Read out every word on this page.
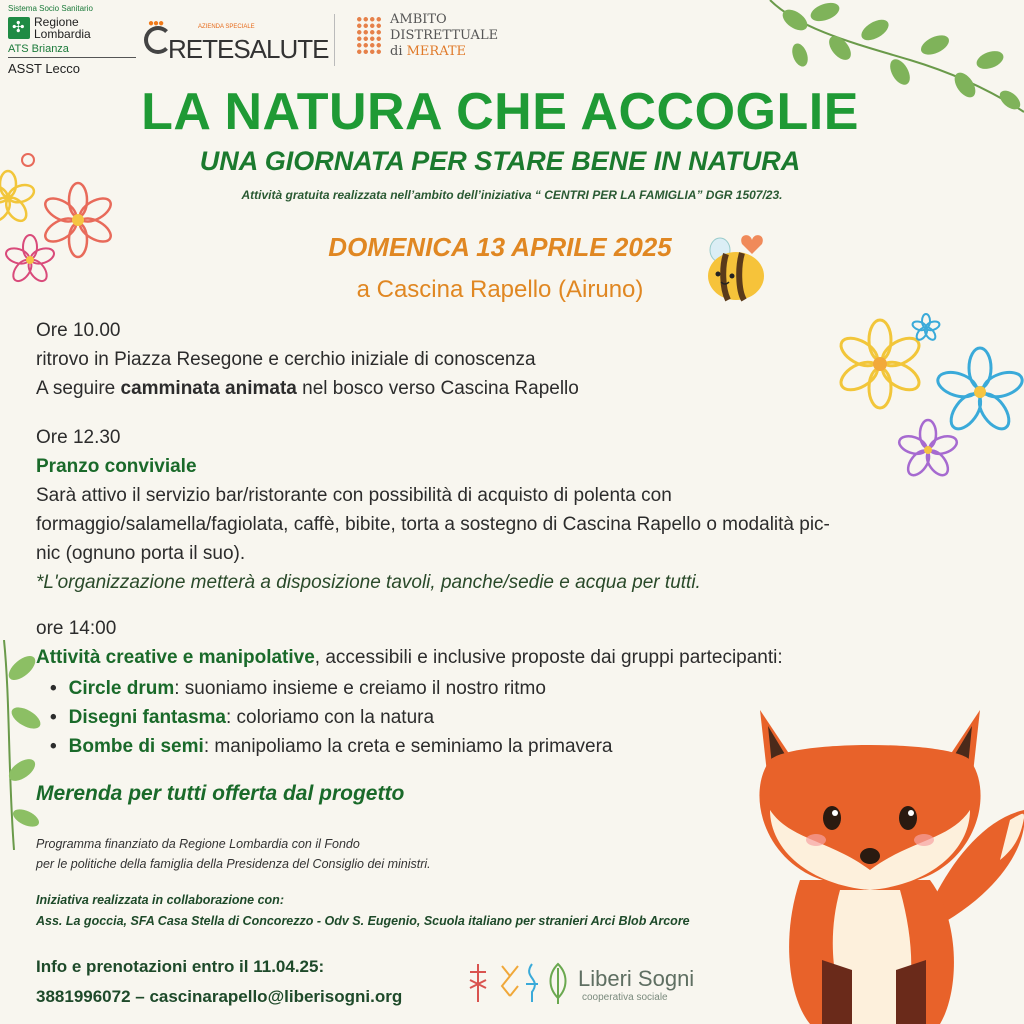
Sistema Socio Sanitario
✣
Regione
Lombardia
ATS Brianza
ASST Lecco
●●●	AZIENDA SPECIALE
RETESALUTE
AMBITO
DISTRETTUALE
di MERATE
LA NATURA CHE ACCOGLIE
UNA GIORNATA PER STARE BENE IN NATURA
Attività gratuita realizzata nell’ambito dell’iniziativa “ CENTRI PER LA FAMIGLIA” DGR 1507/23.
DOMENICA 13 APRILE 2025
a Cascina Rapello (Airuno)
Ore 10.00
ritrovo in Piazza Resegone e cerchio iniziale di conoscenza
A seguire camminata animata nel bosco verso Cascina Rapello
Ore 12.30
Pranzo conviviale
Sarà attivo il servizio bar/ristorante con possibilità di acquisto di polenta con
formaggio/salamella/fagiolata, caffè, bibite, torta a sostegno di Cascina Rapello o modalità pic-
nic (ognuno porta il suo).
*L'organizzazione metterà a disposizione tavoli, panche/sedie e acqua per tutti.
ore 14:00
Attività creative e manipolative, accessibili e inclusive proposte dai gruppi partecipanti:
• Circle drum: suoniamo insieme e creiamo il nostro ritmo
• Disegni fantasma: coloriamo con la natura
• Bombe di semi: manipoliamo la creta e seminiamo la primavera
Merenda per tutti offerta dal progetto
Programma finanziato da Regione Lombardia con il Fondo
per le politiche della famiglia della Presidenza del Consiglio dei ministri.
Iniziativa realizzata in collaborazione con:
Ass. La goccia, SFA Casa Stella di Concorezzo - Odv S. Eugenio, Scuola italiano per stranieri Arci Blob Arcore
Info e prenotazioni entro il 11.04.25:
3881996072 – cascinarapello@liberisogni.org
Liberi Sogni
cooperativa sociale
